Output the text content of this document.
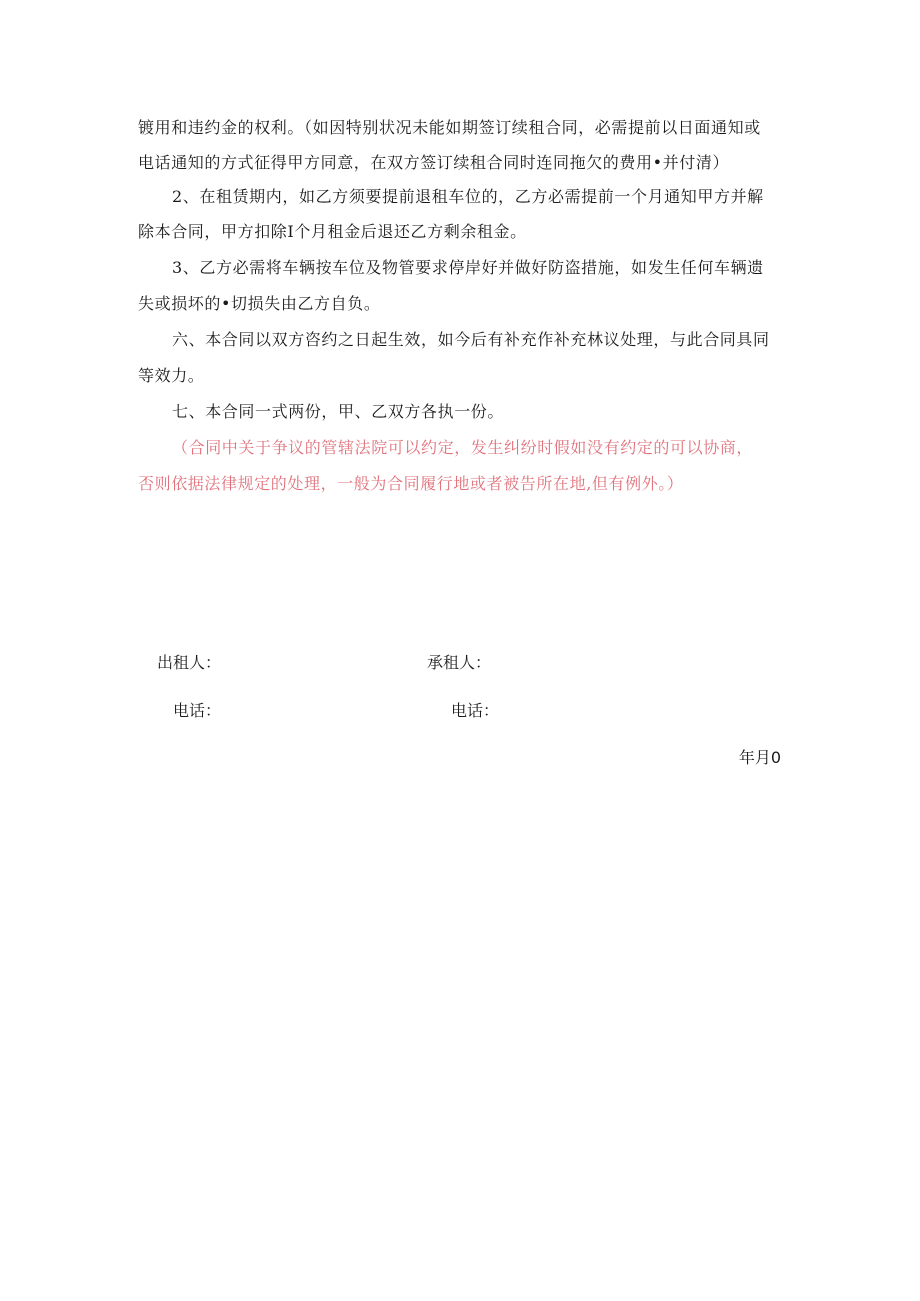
镀用和违约金的权利。（如因特别状况未能如期签订续租合同，必需提前以日面通知或
电话通知的方式征得甲方同意，在双方签订续租合同时连同拖欠的费用•并付清）
2、在租赁期内，如乙方须要提前退租车位的，乙方必需提前一个月通知甲方并解
除本合同，甲方扣除I个月租金后退还乙方剩余租金。
3、乙方必需将车辆按车位及物管要求停岸好并做好防盗措施，如发生任何车辆遗
失或损坏的•切损失由乙方自负。
六、本合同以双方咨约之日起生效，如今后有补充作补充林议处理，与此合同具同
等效力。
七、本合同一式两份，甲、乙双方各执一份。
（合同中关于争议的管辖法院可以约定，发生纠纷时假如没有约定的可以协商，
否则依据法律规定的处理，一般为合同履行地或者被告所在地,但有例外。）
出租人：	承租人：
电话：	电话：
年月0
